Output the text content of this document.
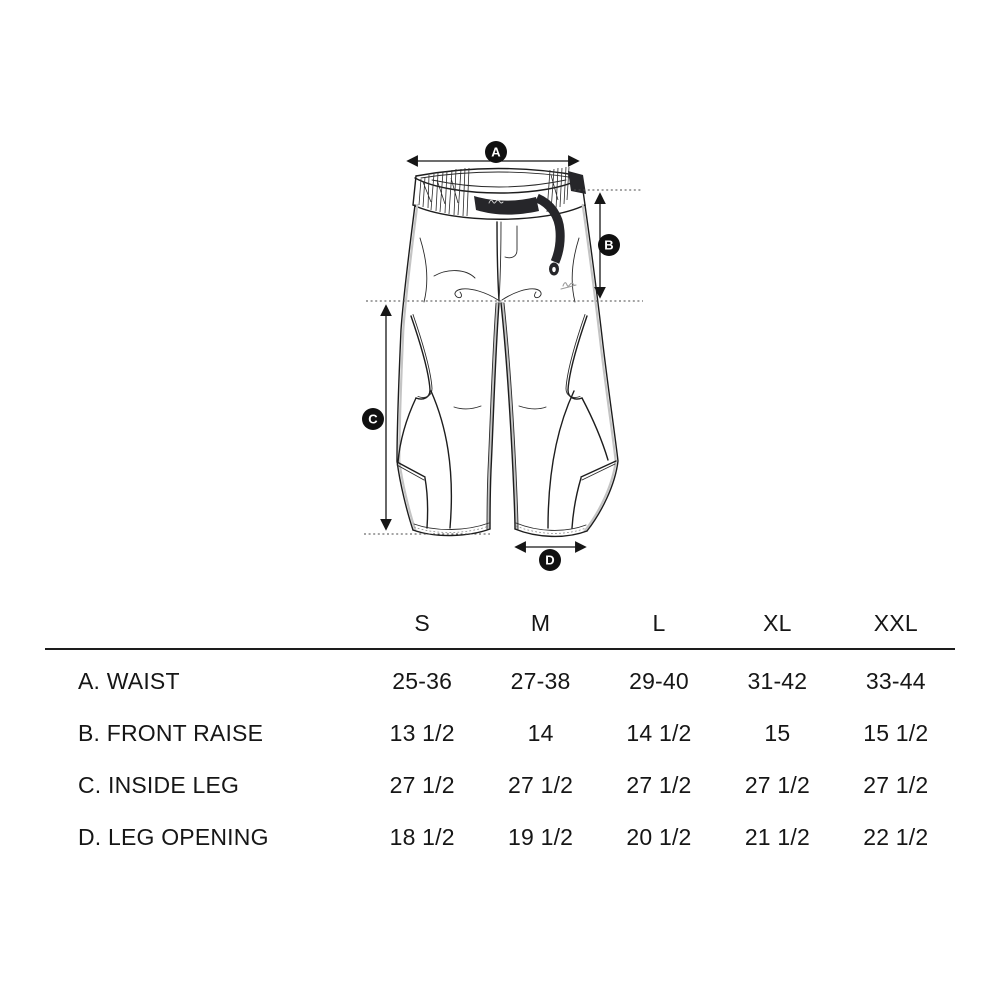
A
B
C
D
S	M	L	XL	XXL
A. WAIST	25-36	27-38	29-40	31-42	33-44
B. FRONT RAISE	13 1/2	14	14 1/2	15	15 1/2
C. INSIDE LEG	27 1/2	27 1/2	27 1/2	27 1/2	27 1/2
D. LEG OPENING	18 1/2	19 1/2	20 1/2	21 1/2	22 1/2
